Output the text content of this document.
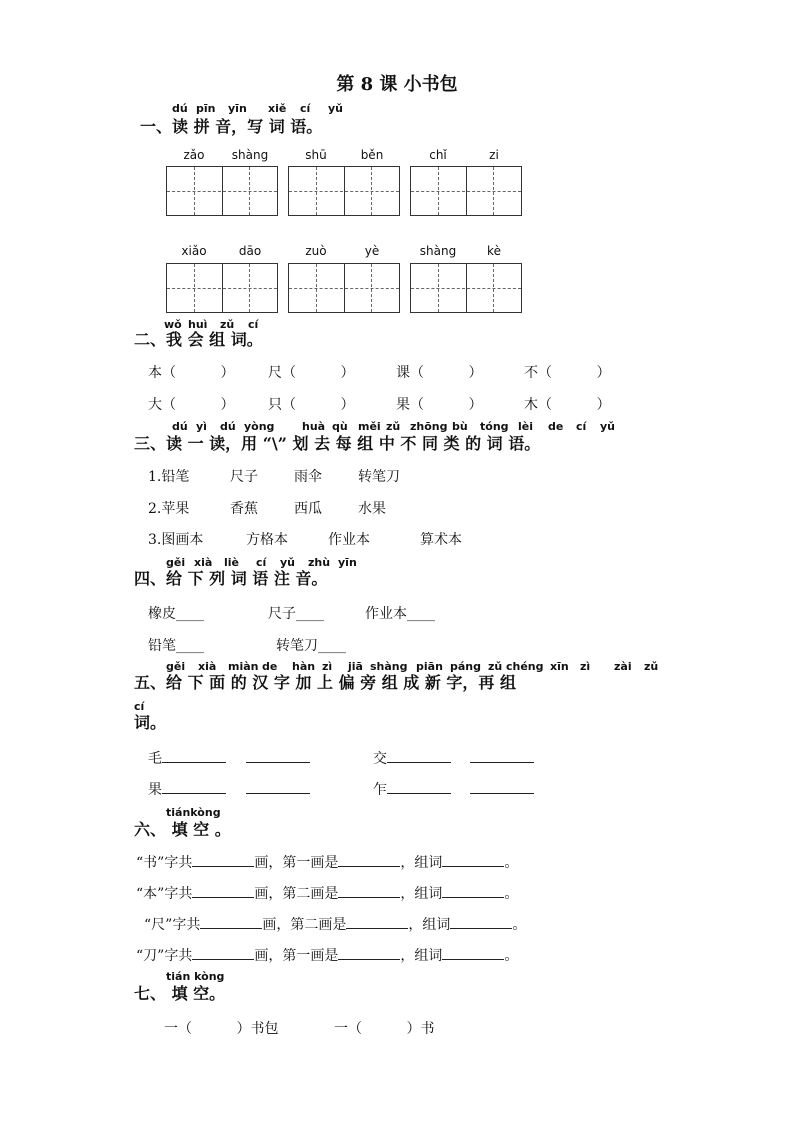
第 8 课 小书包
dú pīn yīn xiě cí yǔ
一、读 拼 音，写 词 语。
zǎo	shàng	shū	běn	chǐ	zi
xiǎo	dāo	zuò	yè	shàng	kè
wǒ huì zǔ cí
二、我 会 组 词。
本（          ） 尺（          ）	课（          ）	不（          ）
大（          ） 只（          ）	果（          ）	木（          ）
dú yì dú yòng	huà qù měi zǔ zhōng bù tóng lèi de cí yǔ
三、读 一 读，用 “\” 划 去 每 组 中 不 同 类 的 词 语。
1.铅笔	尺子	雨伞	转笔刀
2.苹果	香蕉	西瓜	水果
3.图画本	方格本	作业本	算术本
gěi xià liè cí yǔ zhù yīn
四、给 下 列 词 语 注 音。
橡皮____	尺子____	作业本____
铅笔____	转笔刀____
gěi xià miàn de hàn zì jiā shàng piān páng zǔ chéng xīn zì zài zǔ
五、给 下 面 的 汉 字 加 上 偏 旁 组 成 新 字，再 组
cí
词。
毛	交
果	乍
tiánkòng
六、 填 空 。
“书”字共	画，第一画是	，组词	。
“本”字共	画，第二画是	，组词	。
“尺”字共	画，第二画是	，组词	。
“刀”字共	画，第一画是	，组词	。
tián kòng
七、 填 空。
一（          ）书包	一（          ）书
